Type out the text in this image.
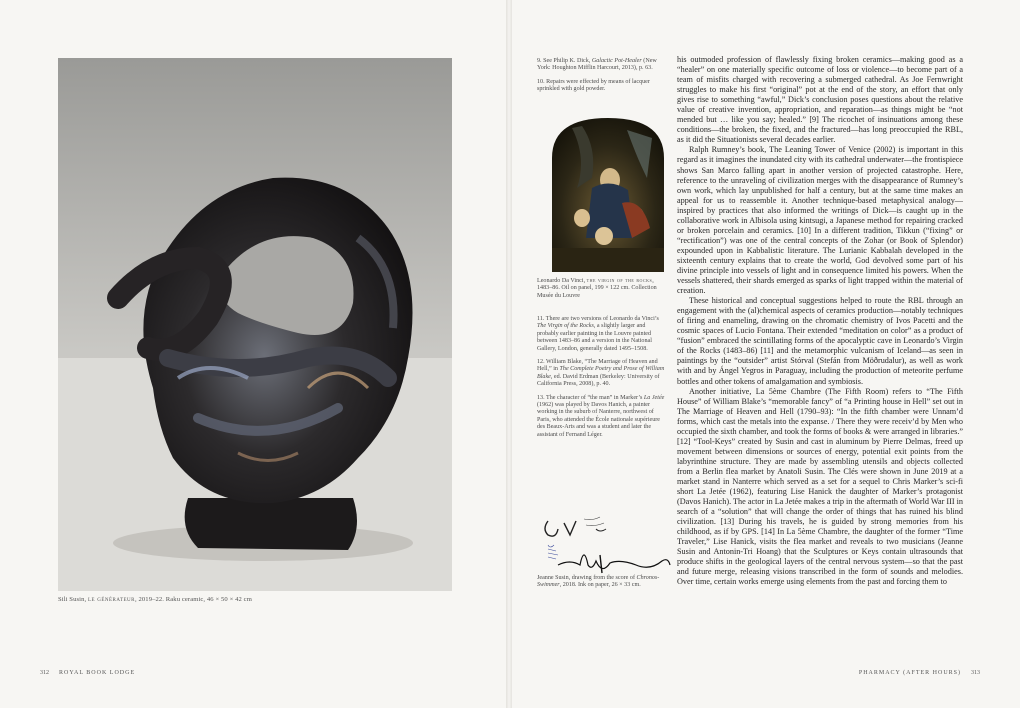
Sili Susin, le générateur, 2019–22. Raku ceramic, 46 × 50 × 42 cm
312 ROYAL BOOK LODGE	PHARMACY (AFTER HOURS) 313

9. See Philip K. Dick, Galactic Pot-Healer (New York: Houghton Mifflin Harcourt, 2013), p. 63.

10. Repairs were effected by means of lacquer sprinkled with gold powder.

Leonardo Da Vinci, the virgin of the rocks, 1483–86. Oil on panel, 199 × 122 cm. Collection Musée du Louvre

11. There are two versions of Leonardo da Vinci’s The Virgin of the Rocks, a slightly larger and probably earlier painting in the Louvre painted between 1483–86 and a version in the National Gallery, London, generally dated 1495–1508.

12. William Blake, “The Marriage of Heaven and Hell,” in The Complete Poetry and Prose of William Blake, ed. David Erdman (Berkeley: University of California Press, 2008), p. 40.

13. The character of “the man” in Marker’s La Jetée (1962) was played by Davos Hanich, a painter working in the suburb of Nanterre, northwest of Paris, who attended the École nationale supérieure des Beaux-Arts and was a student and later the assistant of Fernand Léger.

Jeanne Susin, drawing from the score of Chronos-Swimmer, 2018. Ink on paper, 26 × 33 cm.

his outmoded profession of flawlessly fixing broken ceramics—making good as a “healer” on one materially specific outcome of loss or violence—to become part of a team of misfits charged with recovering a submerged cathedral. As Joe Fernwright struggles to make his first “original” pot at the end of the story, an effort that only gives rise to something “awful,” Dick’s conclusion poses questions about the relative value of creative invention, appropriation, and reparation—as things might be “not mended but … like you say; healed.” [9] The ricochet of insinuations among these conditions—the broken, the fixed, and the fractured—has long preoccupied the RBL, as it did the Situationists several decades earlier.

Ralph Rumney’s book, The Leaning Tower of Venice (2002) is important in this regard as it imagines the inundated city with its cathedral underwater—the frontispiece shows San Marco falling apart in another version of projected catastrophe. Here, reference to the unraveling of civilization merges with the disappearance of Rumney’s own work, which lay unpublished for half a century, but at the same time makes an appeal for us to reassemble it. Another technique-based metaphysical analogy—inspired by practices that also informed the writings of Dick—is caught up in the collaborative work in Albisola using kintsugi, a Japanese method for repairing cracked or broken porcelain and ceramics. [10] In a different tradition, Tikkun (“fixing” or “rectification”) was one of the central concepts of the Zohar (or Book of Splendor) expounded upon in Kabbalistic literature. The Lurianic Kabbalah developed in the sixteenth century explains that to create the world, God devolved some part of his divine principle into vessels of light and in consequence limited his powers. When the vessels shattered, their shards emerged as sparks of light trapped within the material of creation.

These historical and conceptual suggestions helped to route the RBL through an engagement with the (al)chemical aspects of ceramics production—notably techniques of firing and enameling, drawing on the chromatic chemistry of Ivos Pacetti and the cosmic spaces of Lucio Fontana. Their extended “meditation on color” as a product of “fusion” embraced the scintillating forms of the apocalyptic cave in Leonardo’s Virgin of the Rocks (1483–86) [11] and the metamorphic vulcanism of Iceland—as seen in paintings by the “outsider” artist Stórval (Stefán from Möðrudalur), as well as work with and by Ángel Yegros in Paraguay, including the production of meteorite perfume bottles and other tokens of amalgamation and symbiosis.

Another initiative, La 5ème Chambre (The Fifth Room) refers to “The Fifth House” of William Blake’s “memorable fancy” of “a Printing house in Hell” set out in The Marriage of Heaven and Hell (1790–93): “In the fifth chamber were Unnam’d forms, which cast the metals into the expanse. / There they were receiv’d by Men who occupied the sixth chamber, and took the forms of books & were arranged in libraries.” [12] “Tool-Keys” created by Susin and cast in aluminum by Pierre Delmas, freed up movement between dimensions or sources of energy, potential exit points from the labyrinthine structure. They are made by assembling utensils and objects collected from a Berlin flea market by Anatoli Susin. The Clés were shown in June 2019 at a market stand in Nanterre which served as a set for a sequel to Chris Marker’s sci-fi short La Jetée (1962), featuring Lise Hanick the daughter of Marker’s protagonist (Davos Hanich). The actor in La Jetée makes a trip in the aftermath of World War III in search of a “solution” that will change the order of things that has ruined his blind civilization. [13] During his travels, he is guided by strong memories from his childhood, as if by GPS. [14] In La 5ème Chambre, the daughter of the former “Time Traveler,” Lise Hanick, visits the flea market and reveals to two musicians (Jeanne Susin and Antonin-Tri Hoang) that the Sculptures or Keys contain ultrasounds that produce shifts in the geological layers of the central nervous system—so that the past and future merge, releasing visions transcribed in the form of sounds and melodies. Over time, certain works emerge using elements from the past and forcing them to
